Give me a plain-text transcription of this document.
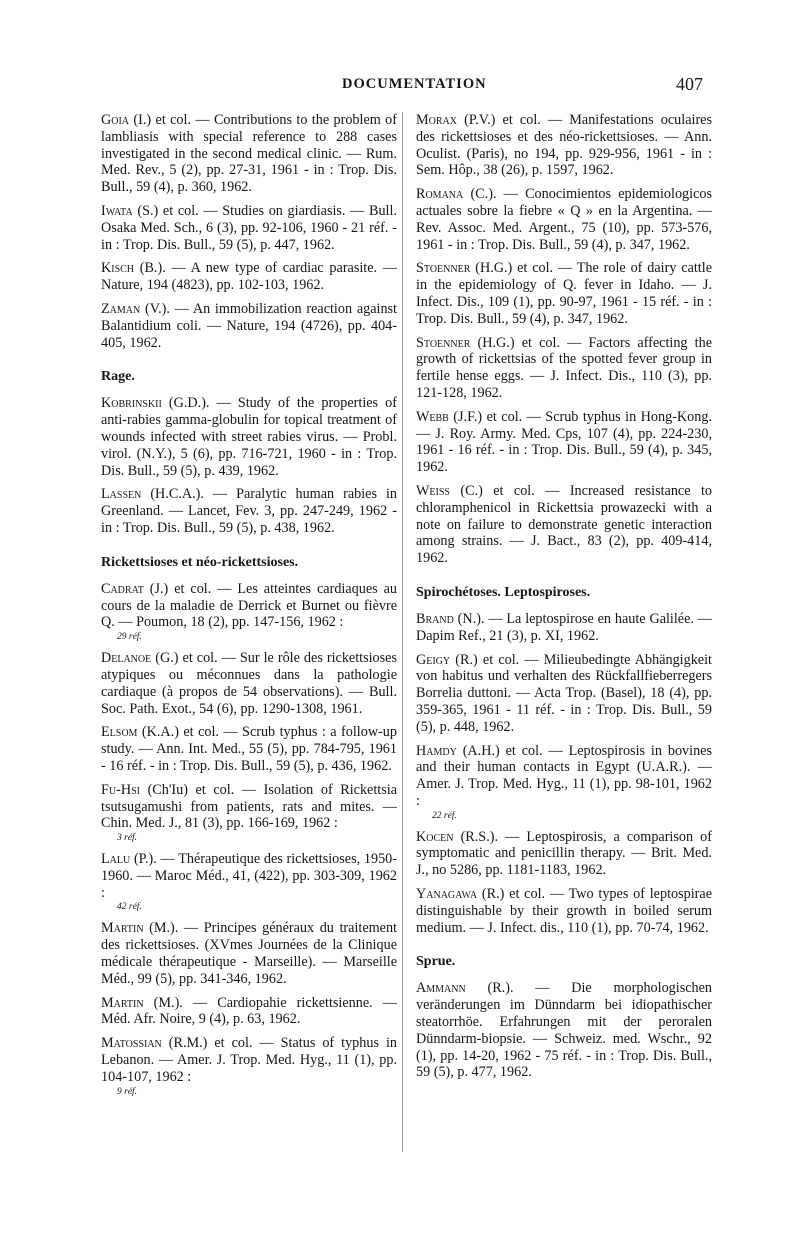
DOCUMENTATION	407
Goia (I.) et col. — Contributions to the problem of lambliasis with special reference to 288 cases investigated in the second medical clinic. — Rum. Med. Rev., 5 (2), pp. 27-31, 1961 - in : Trop. Dis. Bull., 59 (4), p. 360, 1962.
Iwata (S.) et col. — Studies on giardiasis. — Bull. Osaka Med. Sch., 6 (3), pp. 92-106, 1960 - 21 réf. - in : Trop. Dis. Bull., 59 (5), p. 447, 1962.
Kisch (B.). — A new type of cardiac parasite. — Nature, 194 (4823), pp. 102-103, 1962.
Zaman (V.). — An immobilization reaction against Balantidium coli. — Nature, 194 (4726), pp. 404-405, 1962.
Rage.
Kobrinskii (G.D.). — Study of the properties of anti-rabies gamma-globulin for topical treatment of wounds infected with street rabies virus. — Probl. virol. (N.Y.), 5 (6), pp. 716-721, 1960 - in : Trop. Dis. Bull., 59 (5), p. 439, 1962.
Lassen (H.C.A.). — Paralytic human rabies in Greenland. — Lancet, Fev. 3, pp. 247-249, 1962 - in : Trop. Dis. Bull., 59 (5), p. 438, 1962.
Rickettsioses et néo-rickettsioses.
Cadrat (J.) et col. — Les atteintes cardiaques au cours de la maladie de Derrick et Burnet ou fièvre Q. — Poumon, 18 (2), pp. 147-156, 1962 :
29 réf.
Delanoe (G.) et col. — Sur le rôle des rickettsioses atypiques ou méconnues dans la pathologie cardiaque (à propos de 54 observations). — Bull. Soc. Path. Exot., 54 (6), pp. 1290-1308, 1961.
Elsom (K.A.) et col. — Scrub typhus : a follow-up study. — Ann. Int. Med., 55 (5), pp. 784-795, 1961 - 16 réf. - in : Trop. Dis. Bull., 59 (5), p. 436, 1962.
Fu-Hsi (Ch'Iu) et col. — Isolation of Rickettsia tsutsugamushi from patients, rats and mites. — Chin. Med. J., 81 (3), pp. 166-169, 1962 :
3 réf.
Lalu (P.). — Thérapeutique des rickettsioses, 1950-1960. — Maroc Méd., 41, (422), pp. 303-309, 1962 :
42 réf.
Martin (M.). — Principes généraux du traitement des rickettsioses. (XVmes Journées de la Clinique médicale thérapeutique - Marseille). — Marseille Méd., 99 (5), pp. 341-346, 1962.
Martin (M.). — Cardiopahie rickettsienne. — Méd. Afr. Noire, 9 (4), p. 63, 1962.
Matossian (R.M.) et col. — Status of typhus in Lebanon. — Amer. J. Trop. Med. Hyg., 11 (1), pp. 104-107, 1962 :
9 réf.
Morax (P.V.) et col. — Manifestations oculaires des rickettsioses et des néo-rickettsioses. — Ann. Oculist. (Paris), no 194, pp. 929-956, 1961 - in : Sem. Hôp., 38 (26), p. 1597, 1962.
Romana (C.). — Conocimientos epidemiologicos actuales sobre la fiebre « Q » en la Argentina. — Rev. Assoc. Med. Argent., 75 (10), pp. 573-576, 1961 - in : Trop. Dis. Bull., 59 (4), p. 347, 1962.
Stoenner (H.G.) et col. — The role of dairy cattle in the epidemiology of Q. fever in Idaho. — J. Infect. Dis., 109 (1), pp. 90-97, 1961 - 15 réf. - in : Trop. Dis. Bull., 59 (4), p. 347, 1962.
Stoenner (H.G.) et col. — Factors affecting the growth of rickettsias of the spotted fever group in fertile hense eggs. — J. Infect. Dis., 110 (3), pp. 121-128, 1962.
Webb (J.F.) et col. — Scrub typhus in Hong-Kong. — J. Roy. Army. Med. Cps, 107 (4), pp. 224-230, 1961 - 16 réf. - in : Trop. Dis. Bull., 59 (4), p. 345, 1962.
Weiss (C.) et col. — Increased resistance to chloramphenicol in Rickettsia prowazecki with a note on failure to demonstrate genetic interaction among strains. — J. Bact., 83 (2), pp. 409-414, 1962.
Spirochétoses. Leptospiroses.
Brand (N.). — La leptospirose en haute Galilée. — Dapim Ref., 21 (3), p. XI, 1962.
Geigy (R.) et col. — Milieubedingte Abhängigkeit von habitus und verhalten des Rückfallfieberregers Borrelia duttoni. — Acta Trop. (Basel), 18 (4), pp. 359-365, 1961 - 11 réf. - in : Trop. Dis. Bull., 59 (5), p. 448, 1962.
Hamdy (A.H.) et col. — Leptospirosis in bovines and their human contacts in Egypt (U.A.R.). — Amer. J. Trop. Med. Hyg., 11 (1), pp. 98-101, 1962 :
22 réf.
Kocen (R.S.). — Leptospirosis, a comparison of symptomatic and penicillin therapy. — Brit. Med. J., no 5286, pp. 1181-1183, 1962.
Yanagawa (R.) et col. — Two types of leptospirae distinguishable by their growth in boiled serum medium. — J. Infect. dis., 110 (1), pp. 70-74, 1962.
Sprue.
Ammann (R.). — Die morphologischen veränderungen im Dünndarm bei idiopathischer steatorrhöe. Erfahrungen mit der peroralen Dünndarm-biopsie. — Schweiz. med. Wschr., 92 (1), pp. 14-20, 1962 - 75 réf. - in : Trop. Dis. Bull., 59 (5), p. 477, 1962.
